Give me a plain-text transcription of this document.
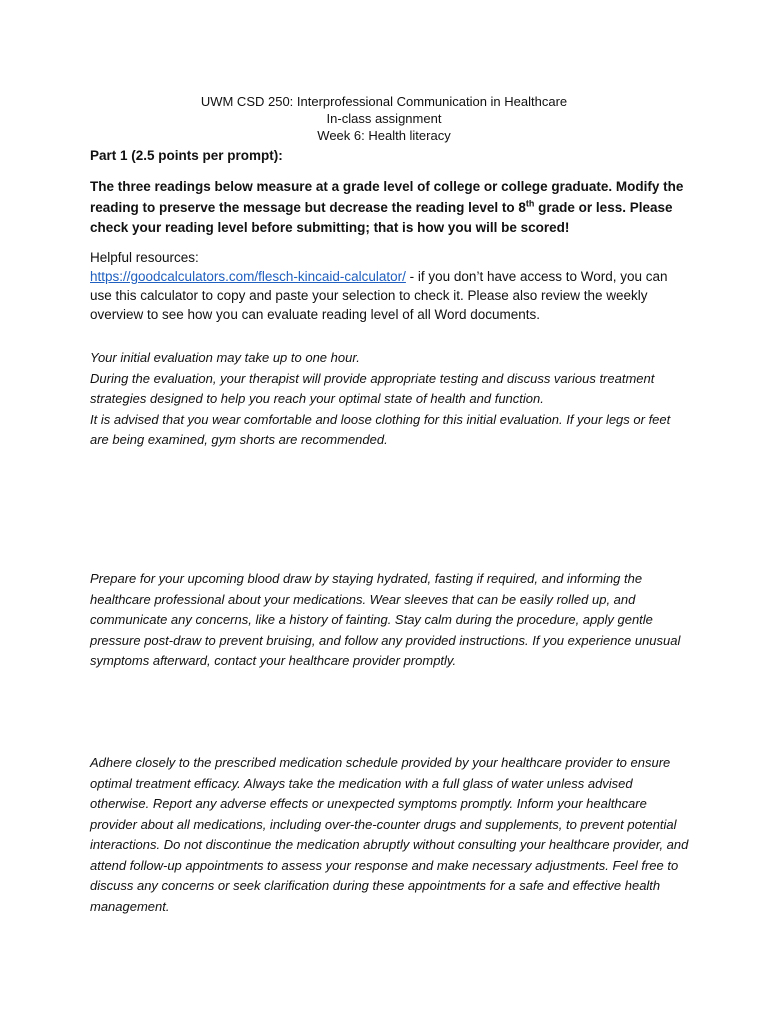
UWM CSD 250: Interprofessional Communication in Healthcare
In-class assignment
Week 6: Health literacy
Part 1 (2.5 points per prompt):
The three readings below measure at a grade level of college or college graduate. Modify the reading to preserve the message but decrease the reading level to 8th grade or less. Please check your reading level before submitting; that is how you will be scored!
Helpful resources:
https://goodcalculators.com/flesch-kincaid-calculator/ - if you don’t have access to Word, you can use this calculator to copy and paste your selection to check it. Please also review the weekly overview to see how you can evaluate reading level of all Word documents.

Your initial evaluation may take up to one hour.

During the evaluation, your therapist will provide appropriate testing and discuss various treatment strategies designed to help you reach your optimal state of health and function.

It is advised that you wear comfortable and loose clothing for this initial evaluation. If your legs or feet are being examined, gym shorts are recommended.

Prepare for your upcoming blood draw by staying hydrated, fasting if required, and informing the healthcare professional about your medications. Wear sleeves that can be easily rolled up, and communicate any concerns, like a history of fainting. Stay calm during the procedure, apply gentle pressure post-draw to prevent bruising, and follow any provided instructions. If you experience unusual symptoms afterward, contact your healthcare provider promptly.

Adhere closely to the prescribed medication schedule provided by your healthcare provider to ensure optimal treatment efficacy. Always take the medication with a full glass of water unless advised otherwise. Report any adverse effects or unexpected symptoms promptly. Inform your healthcare provider about all medications, including over-the-counter drugs and supplements, to prevent potential interactions. Do not discontinue the medication abruptly without consulting your healthcare provider, and attend follow-up appointments to assess your response and make necessary adjustments. Feel free to discuss any concerns or seek clarification during these appointments for a safe and effective health management.
